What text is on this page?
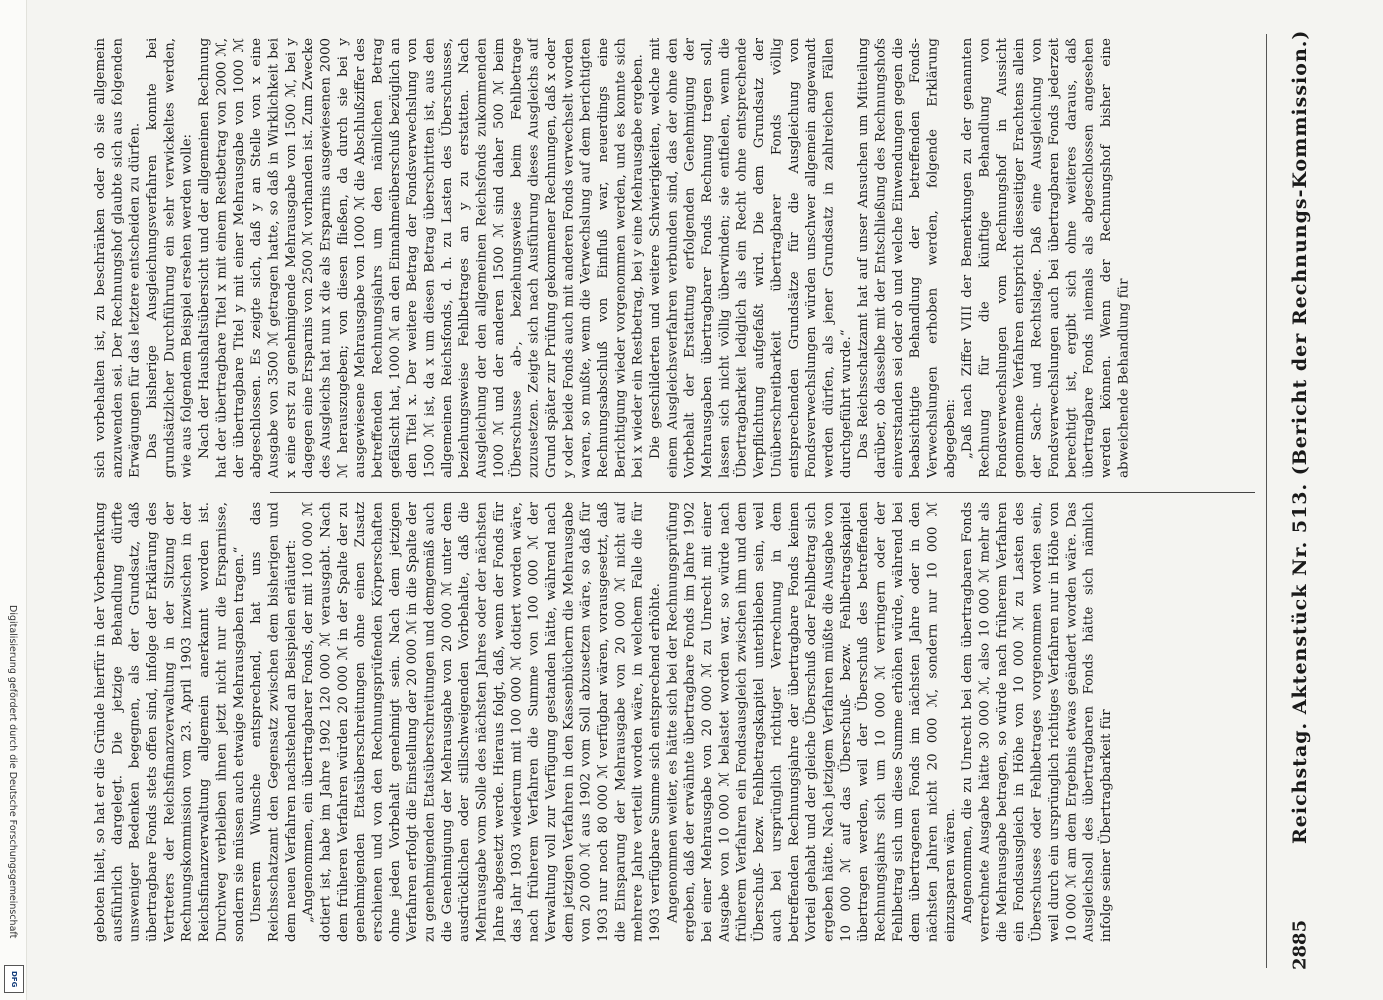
Digitalisierung gefördert durch die Deutsche Forschungsgemeinschaft
DFG
2885
Reichstag. Aktenstück Nr. 513. (Bericht der Rechnungs-Kommission.)

sich vorbehalten ist, zu beschränken oder ob sie allgemein anzuwenden sei. Der Rechnungshof glaubte sich aus folgenden Erwägungen für das letztere entscheiden zu dürfen. Das bisherige Ausgleichungsverfahren konnte bei grundsätzlicher Durchführung ein sehr verwickeltes werden, wie aus folgendem Beispiel ersehen werden wolle: Nach der Haushaltsübersicht und der allgemeinen Rechnung hat der übertragbare Titel x mit einem Restbetrag von 2000 ℳ, der übertragbare Titel y mit einer Mehrausgabe von 1000 ℳ abgeschlossen. Es zeigte sich, daß y an Stelle von x eine Ausgabe von 3500 ℳ getragen hatte, so daß in Wirklichkeit bei x eine erst zu genehmigende Mehrausgabe von 1500 ℳ, bei y dagegen eine Ersparnis von 2500 ℳ vorhanden ist. Zum Zwecke des Ausgleichs hat nun x die als Ersparnis ausgewiesenen 2000 ℳ herauszugeben; von diesen fließen, da durch sie bei y ausgewiesene Mehrausgabe von 1000 ℳ die Abschlußziffer des betreffenden Rechnungsjahrs um den nämlichen Betrag gefälscht hat, 1000 ℳ an den Einnahmeüberschuß bezüglich an den Titel x. Der weitere Betrag der Fondsverwechslung von 1500 ℳ ist, da x um diesen Betrag überschritten ist, aus den allgemeinen Reichsfonds, d. h. zu Lasten des Überschusses, beziehungsweise Fehlbetrages an y zu erstatten. Nach Ausgleichung der den allgemeinen Reichsfonds zukommenden 1000 ℳ und der anderen 1500 ℳ sind daher 500 ℳ beim Überschusse ab-, beziehungsweise beim Fehlbetrage zuzusetzen. Zeigte sich nach Ausführung dieses Ausgleichs auf Grund später zur Prüfung gekommener Rechnungen, daß x oder y oder beide Fonds auch mit anderen Fonds verwechselt worden waren, so mußte, wenn die Verwechslung auf dem berichtigten Rechnungsabschluß von Einfluß war, neuerdings eine Berichtigung wieder vorgenommen werden, und es konnte sich bei x wieder ein Restbetrag, bei y eine Mehrausgabe ergeben. Die geschilderten und weitere Schwierigkeiten, welche mit einem Ausgleichsverfahren verbunden sind, das der ohne den Vorbehalt der Erstattung erfolgenden Genehmigung der Mehrausgaben übertragbarer Fonds Rechnung tragen soll, lassen sich nicht völlig überwinden; sie entfielen, wenn die Übertragbarkeit lediglich als ein Recht ohne entsprechende Verpflichtung aufgefaßt wird. Die dem Grundsatz der Unüberschreitbarkeit übertragbarer Fonds völlig entsprechenden Grundsätze für die Ausgleichung von Fondsverwechslungen würden unschwer allgemein angewandt werden dürfen, als jener Grundsatz in zahlreichen Fällen durchgeführt wurde.“ Das Reichsschatzamt hat auf unser Ansuchen um Mitteilung darüber, ob dasselbe mit der Entschließung des Rechnungshofs einverstanden sei oder ob und welche Einwendungen gegen die beabsichtigte Behandlung der betreffenden Fonds-Verwechslungen erhoben werden, folgende Erklärung abgegeben: „Daß nach Ziffer VIII der Bemerkungen zu der genannten Rechnung für die künftige Behandlung von Fondsverwechslungen vom Rechnungshof in Aussicht genommene Verfahren entspricht diesseitiger Erachtens allein der Sach- und Rechtslage. Daß eine Ausgleichung von Fondsverwechslungen auch bei übertragbaren Fonds jederzeit berechtigt ist, ergibt sich ohne weiteres daraus, daß übertragbare Fonds niemals als abgeschlossen angesehen werden können. Wenn der Rechnungshof bisher eine abweichende Behandlung für

geboten hielt, so hat er die Gründe hierfür in der Vorbemerkung ausführlich dargelegt. Die jetzige Behandlung dürfte unsweniger Bedenken begegnen, als der Grundsatz, daß übertragbare Fonds stets offen sind, infolge der Erklärung des Vertreters der Reichsfinanzverwaltung in der Sitzung der Rechnungskommission vom 23. April 1903 inzwischen in der Reichsfinanzverwaltung allgemein anerkannt worden ist. Durchweg verbleiben ihnen jetzt nicht nur die Ersparnisse, sondern sie müssen auch etwaige Mehrausgaben tragen.“ Unserem Wunsche entsprechend, hat uns das Reichsschatzamt den Gegensatz zwischen dem bisherigen und dem neuen Verfahren nachstehend an Beispielen erläutert: „Angenommen, ein übertragbarer Fonds, der mit 100 000 ℳ dotiert ist, habe im Jahre 1902 120 000 ℳ verausgabt. Nach dem früheren Verfahren würden 20 000 ℳ in der Spalte der zu genehmigenden Etatsüberschreitungen ohne einen Zusatz erschienen und von den Rechnungsprüfenden Körperschaften ohne jeden Vorbehalt genehmigt sein. Nach dem jetzigen Verfahren erfolgt die Einstellung der 20 000 ℳ in die Spalte der zu genehmigenden Etatsüberschreitungen und demgemäß auch die Genehmigung der Mehrausgabe von 20 000 ℳ unter dem ausdrücklichen oder stillschweigenden Vorbehalte, daß die Mehrausgabe vom Solle des nächsten Jahres oder der nächsten Jahre abgesetzt werde. Hieraus folgt, daß, wenn der Fonds für das Jahr 1903 wiederum mit 100 000 ℳ dotiert worden wäre, nach früherem Verfahren die Summe von 100 000 ℳ der Verwaltung voll zur Verfügung gestanden hätte, während nach dem jetzigen Verfahren in den Kassenbüchern die Mehrausgabe von 20 000 ℳ aus 1902 vom Soll abzusetzen wäre, so daß für 1903 nur noch 80 000 ℳ verfügbar wären, vorausgesetzt, daß die Einsparung der Mehrausgabe von 20 000 ℳ nicht auf mehrere Jahre verteilt worden wäre, in welchem Falle die für 1903 verfügbare Summe sich entsprechend erhöhte. Angenommen weiter, es hätte sich bei der Rechnungsprüfung ergeben, daß der erwähnte übertragbare Fonds im Jahre 1902 bei einer Mehrausgabe von 20 000 ℳ zu Unrecht mit einer Ausgabe von 10 000 ℳ belastet worden war, so würde nach früherem Verfahren ein Fondsausgleich zwischen ihm und dem Überschuß- bezw. Fehlbetragskapitel unterblieben sein, weil auch bei ursprünglich richtiger Verrechnung in dem betreffenden Rechnungsjahre der übertragbare Fonds keinen Vorteil gehabt und der gleiche Überschuß oder Fehlbetrag sich ergeben hätte. Nach jetzigem Verfahren müßte die Ausgabe von 10 000 ℳ auf das Überschuß- bezw. Fehlbetragskapitel übertragen werden, weil der Überschuß des betreffenden Rechnungsjahrs sich um 10 000 ℳ verringern oder der Fehlbetrag sich um diese Summe erhöhen würde, während bei dem übertragenen Fonds im nächsten Jahre oder in den nächsten Jahren nicht 20 000 ℳ, sondern nur 10 000 ℳ einzusparen wären. Angenommen, die zu Unrecht bei dem übertragbaren Fonds verrechnete Ausgabe hätte 30 000 ℳ, also 10 000 ℳ mehr als die Mehrausgabe betragen, so würde nach früherem Verfahren ein Fondsausgleich in Höhe von 10 000 ℳ zu Lasten des Überschusses oder Fehlbetrages vorgenommen worden sein, weil durch ein ursprünglich richtiges Verfahren nur in Höhe von 10 000 ℳ am dem Ergebnis etwas geändert worden wäre. Das Ausgleichsoll des übertragbaren Fonds hätte sich nämlich infolge seiner Übertragbarkeit für
